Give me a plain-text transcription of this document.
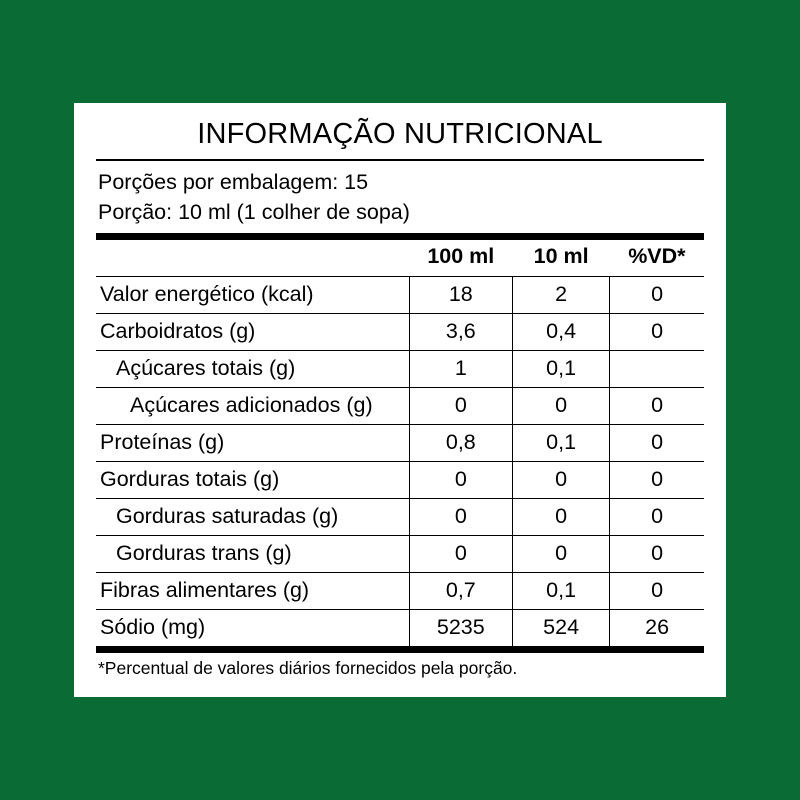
INFORMAÇÃO NUTRICIONAL
Porções por embalagem: 15
Porção: 10 ml (1 colher de sopa)
	100 ml	10 ml	%VD*
Valor energético (kcal)	18	2	0
Carboidratos (g)	3,6	0,4	0
Açúcares totais (g)	1	0,1	
Açúcares adicionados (g)	0	0	0
Proteínas (g)	0,8	0,1	0
Gorduras totais (g)	0	0	0
Gorduras saturadas (g)	0	0	0
Gorduras trans (g)	0	0	0
Fibras alimentares (g)	0,7	0,1	0
Sódio (mg)	5235	524	26
*Percentual de valores diários fornecidos pela porção.
